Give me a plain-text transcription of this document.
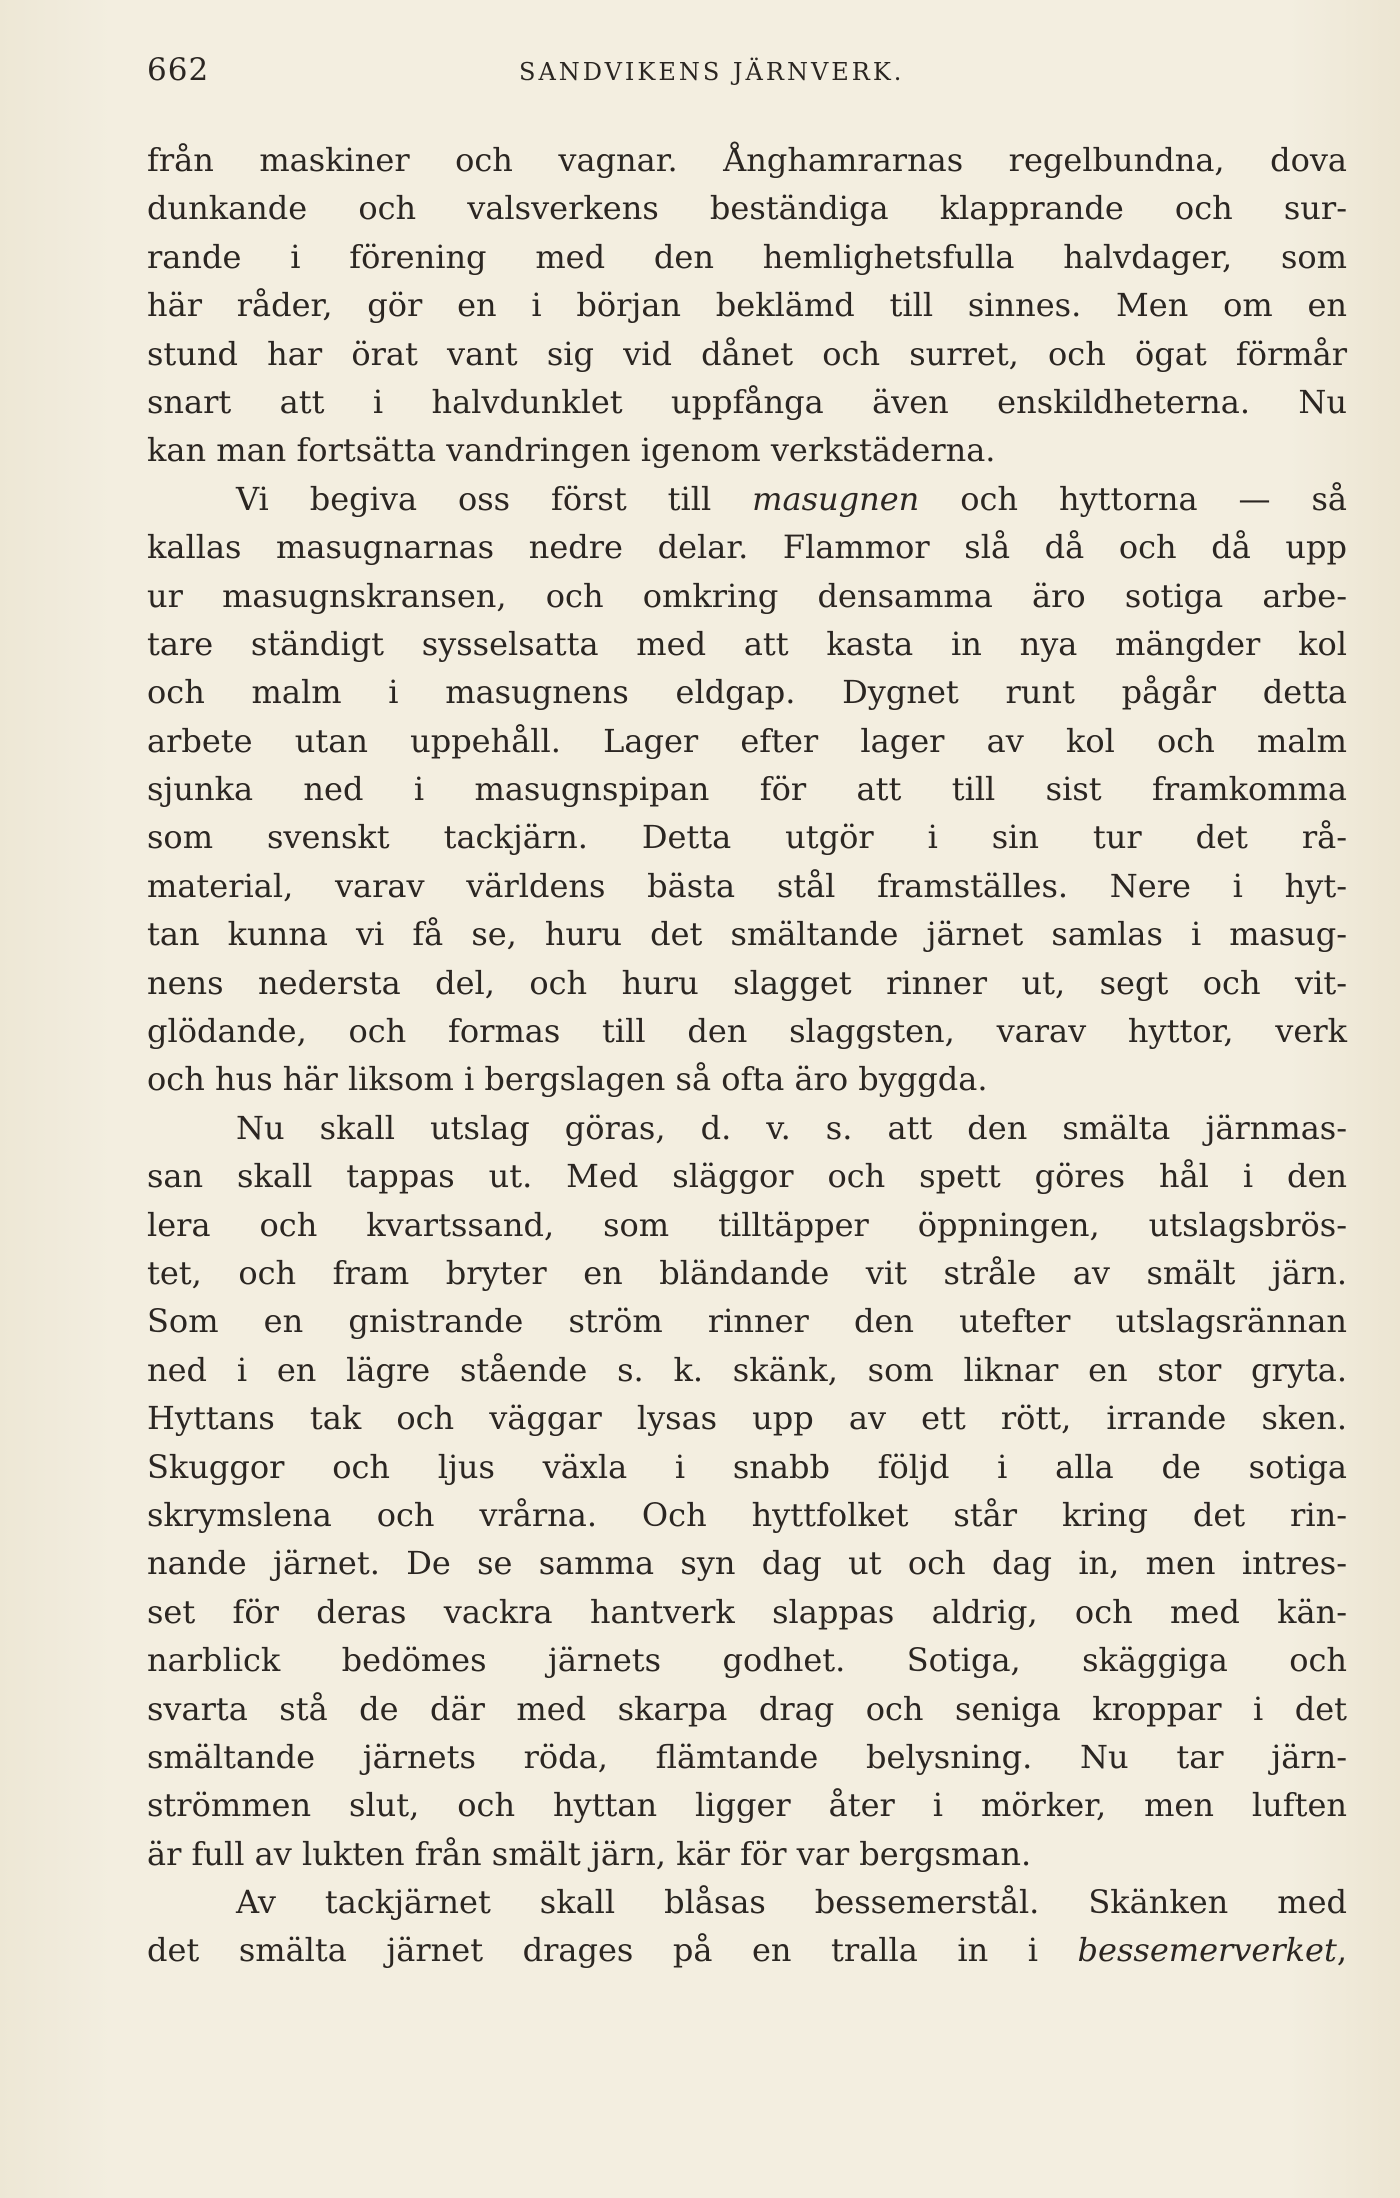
662	SANDVIKENS JÄRNVERK.
från maskiner och vagnar. Ånghamrarnas regelbundna, dova
dunkande och valsverkens beständiga klapprande och sur-
rande i förening med den hemlighetsfulla halvdager, som
här råder, gör en i början beklämd till sinnes. Men om en
stund har örat vant sig vid dånet och surret, och ögat förmår
snart att i halvdunklet uppfånga även enskildheterna. Nu
kan man fortsätta vandringen igenom verkstäderna.
Vi begiva oss först till masugnen och hyttorna — så
kallas masugnarnas nedre delar. Flammor slå då och då upp
ur masugnskransen, och omkring densamma äro sotiga arbe-
tare ständigt sysselsatta med att kasta in nya mängder kol
och malm i masugnens eldgap. Dygnet runt pågår detta
arbete utan uppehåll. Lager efter lager av kol och malm
sjunka ned i masugnspipan för att till sist framkomma
som svenskt tackjärn. Detta utgör i sin tur det rå-
material, varav världens bästa stål framställes. Nere i hyt-
tan kunna vi få se, huru det smältande järnet samlas i masug-
nens nedersta del, och huru slagget rinner ut, segt och vit-
glödande, och formas till den slaggsten, varav hyttor, verk
och hus här liksom i bergslagen så ofta äro byggda.
Nu skall utslag göras, d. v. s. att den smälta järnmas-
san skall tappas ut. Med släggor och spett göres hål i den
lera och kvartssand, som tilltäpper öppningen, utslagsbrös-
tet, och fram bryter en bländande vit stråle av smält järn.
Som en gnistrande ström rinner den utefter utslagsrännan
ned i en lägre stående s. k. skänk, som liknar en stor gryta.
Hyttans tak och väggar lysas upp av ett rött, irrande sken.
Skuggor och ljus växla i snabb följd i alla de sotiga
skrymslena och vrårna. Och hyttfolket står kring det rin-
nande järnet. De se samma syn dag ut och dag in, men intres-
set för deras vackra hantverk slappas aldrig, och med kän-
narblick bedömes järnets godhet. Sotiga, skäggiga och
svarta stå de där med skarpa drag och seniga kroppar i det
smältande järnets röda, flämtande belysning. Nu tar järn-
strömmen slut, och hyttan ligger åter i mörker, men luften
är full av lukten från smält järn, kär för var bergsman.
Av tackjärnet skall blåsas bessemerstål. Skänken med
det smälta järnet drages på en tralla in i bessemerverket,
